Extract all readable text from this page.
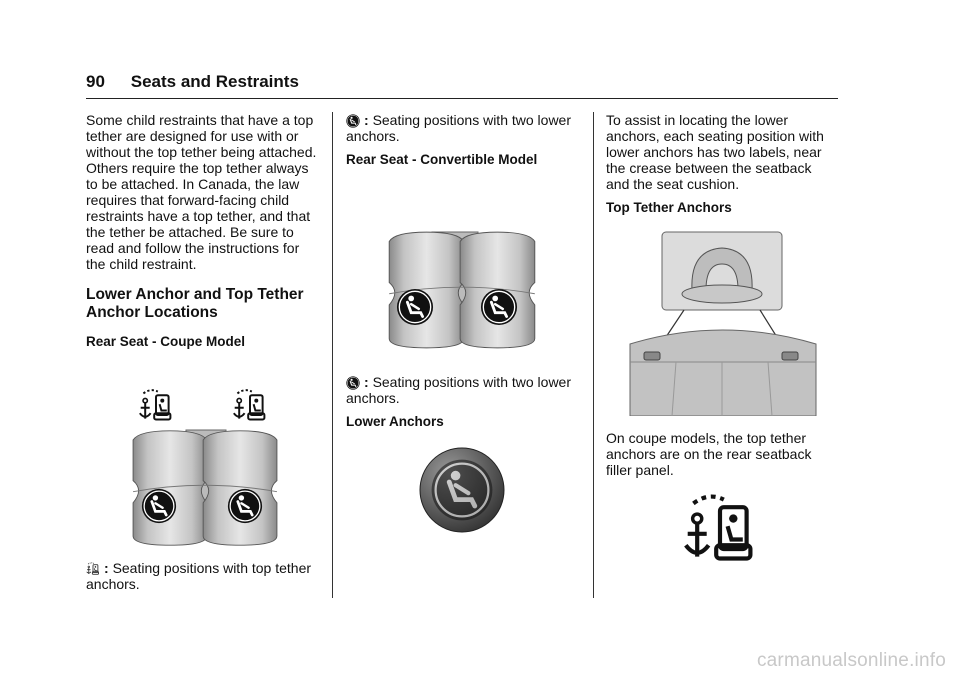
90 Seats and Restraints

Some child restraints that have a top tether are designed for use with or without the top tether being attached. Others require the top tether always to be attached. In Canada, the law requires that forward-facing child restraints have a top tether, and that the tether be attached. Be sure to read and follow the instructions for the child restraint.

Lower Anchor and Top Tether Anchor Locations

Rear Seat - Coupe Model

: Seating positions with top tether anchors.

: Seating positions with two lower anchors.

Rear Seat - Convertible Model

: Seating positions with two lower anchors.

Lower Anchors

To assist in locating the lower anchors, each seating position with lower anchors has two labels, near the crease between the seatback and the seat cushion.

Top Tether Anchors

On coupe models, the top tether anchors are on the rear seatback filler panel.

carmanualsonline.info
